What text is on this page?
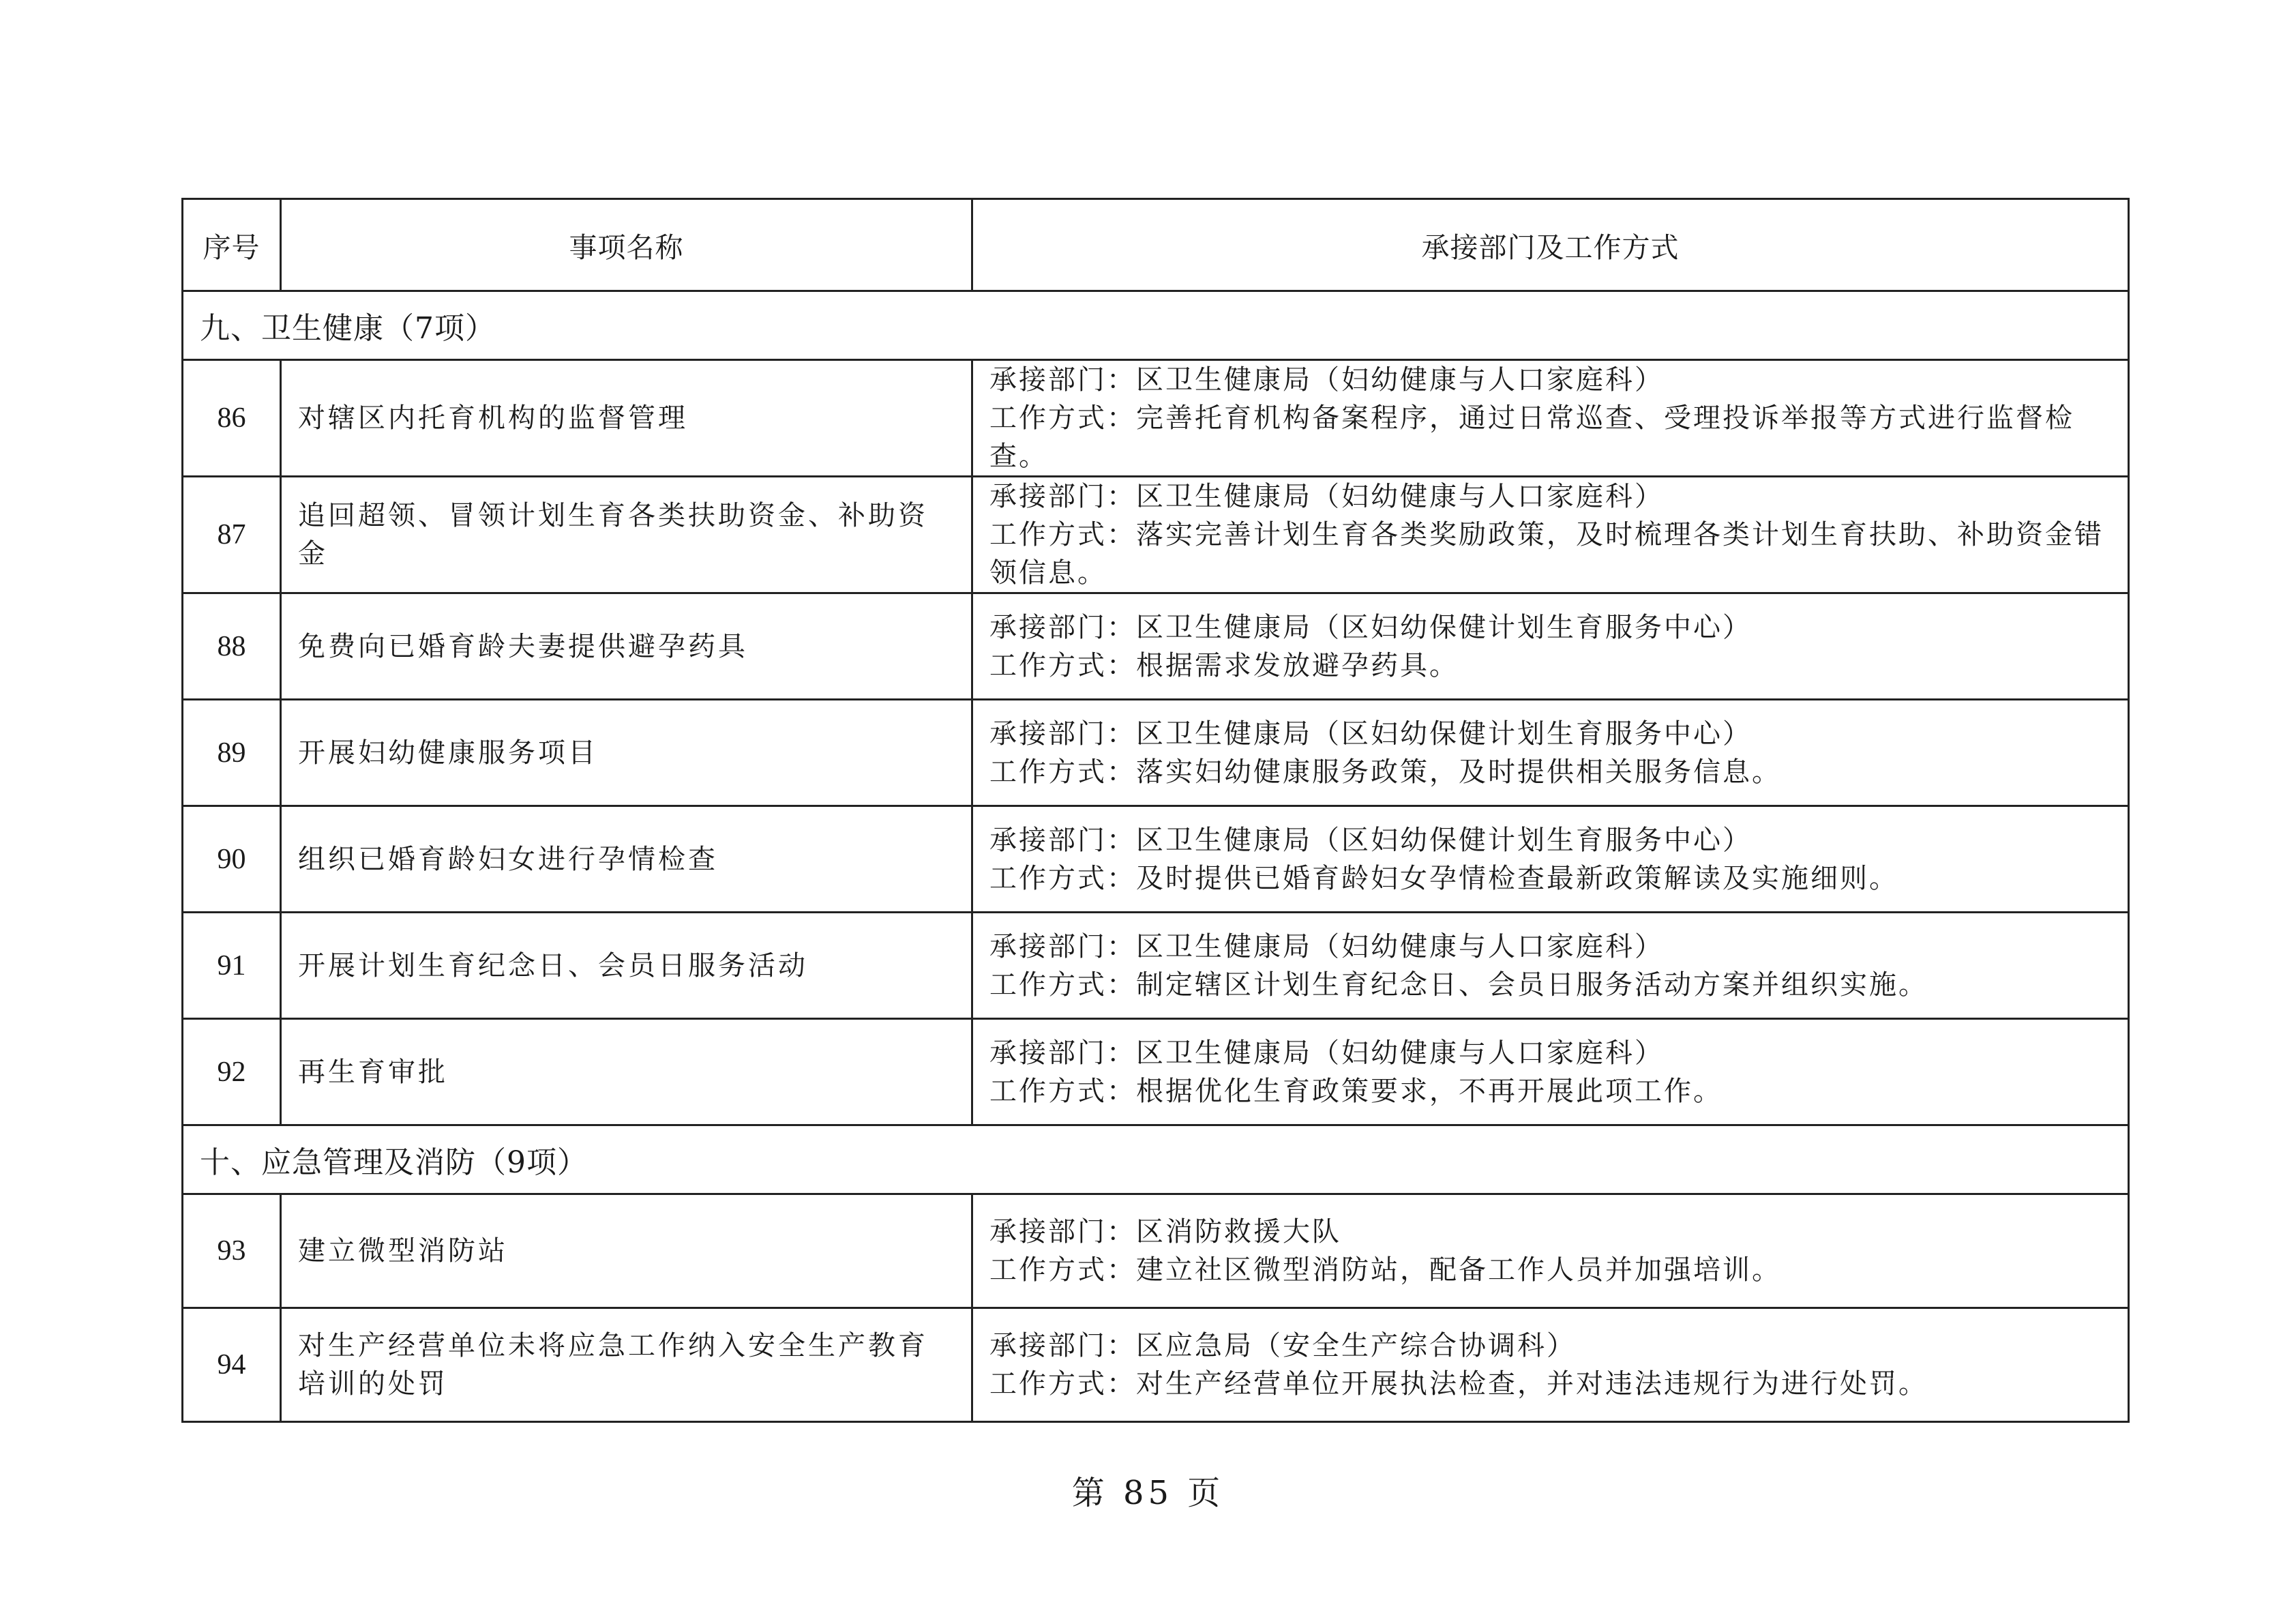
序号	事项名称	承接部门及工作方式
九、卫生健康（7项）		
86	对辖区内托育机构的监督管理	承接部门：区卫生健康局（妇幼健康与人口家庭科）
工作方式：完善托育机构备案程序，通过日常巡查、受理投诉举报等方式进行监督检查。

87	追回超领、冒领计划生育各类扶助资金、补助资金	承接部门：区卫生健康局（妇幼健康与人口家庭科）
工作方式：落实完善计划生育各类奖励政策，及时梳理各类计划生育扶助、补助资金错领信息。

88	免费向已婚育龄夫妻提供避孕药具	承接部门：区卫生健康局（区妇幼保健计划生育服务中心）
工作方式：根据需求发放避孕药具。

89	开展妇幼健康服务项目	承接部门：区卫生健康局（区妇幼保健计划生育服务中心）
工作方式：落实妇幼健康服务政策，及时提供相关服务信息。

90	组织已婚育龄妇女进行孕情检查	承接部门：区卫生健康局（区妇幼保健计划生育服务中心）
工作方式：及时提供已婚育龄妇女孕情检查最新政策解读及实施细则。

91	开展计划生育纪念日、会员日服务活动	承接部门：区卫生健康局（妇幼健康与人口家庭科）
工作方式：制定辖区计划生育纪念日、会员日服务活动方案并组织实施。

92	再生育审批	承接部门：区卫生健康局（妇幼健康与人口家庭科）
工作方式：根据优化生育政策要求，不再开展此项工作。

十、应急管理及消防（9项）		
93	建立微型消防站	承接部门：区消防救援大队
工作方式：建立社区微型消防站，配备工作人员并加强培训。

94	对生产经营单位未将应急工作纳入安全生产教育培训的处罚	承接部门：区应急局（安全生产综合协调科）
工作方式：对生产经营单位开展执法检查，并对违法违规行为进行处罚。
第 85 页
